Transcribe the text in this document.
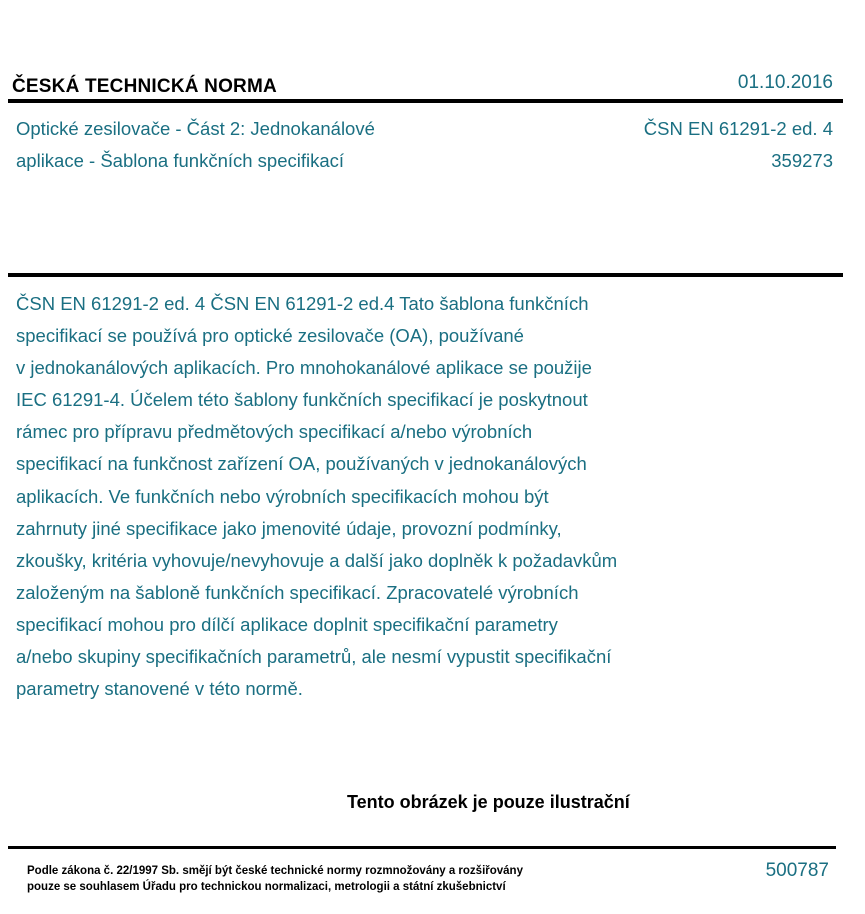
ČESKÁ TECHNICKÁ NORMA	01.10.2016
Optické zesilovače - Část 2: Jednokanálové
aplikace - Šablona funkčních specifikací
ČSN EN 61291-2 ed. 4
359273
ČSN EN 61291-2 ed. 4 ČSN EN 61291-2 ed.4 Tato šablona funkčních
specifikací se používá pro optické zesilovače (OA), používané
v jednokanálových aplikacích. Pro mnohokanálové aplikace se použije
IEC 61291-4. Účelem této šablony funkčních specifikací je poskytnout
rámec pro přípravu předmětových specifikací a/nebo výrobních
specifikací na funkčnost zařízení OA, používaných v jednokanálových
aplikacích. Ve funkčních nebo výrobních specifikacích mohou být
zahrnuty jiné specifikace jako jmenovité údaje, provozní podmínky,
zkoušky, kritéria vyhovuje/nevyhovuje a další jako doplněk k požadavkům
založeným na šabloně funkčních specifikací. Zpracovatelé výrobních
specifikací mohou pro dílčí aplikace doplnit specifikační parametry
a/nebo skupiny specifikačních parametrů, ale nesmí vypustit specifikační
parametry stanovené v této normě.
Tento obrázek je pouze ilustrační
Podle zákona č. 22/1997 Sb. smějí být české technické normy rozmnožovány a rozšiřovány
pouze se souhlasem Úřadu pro technickou normalizaci, metrologii a státní zkušebnictví
500787
